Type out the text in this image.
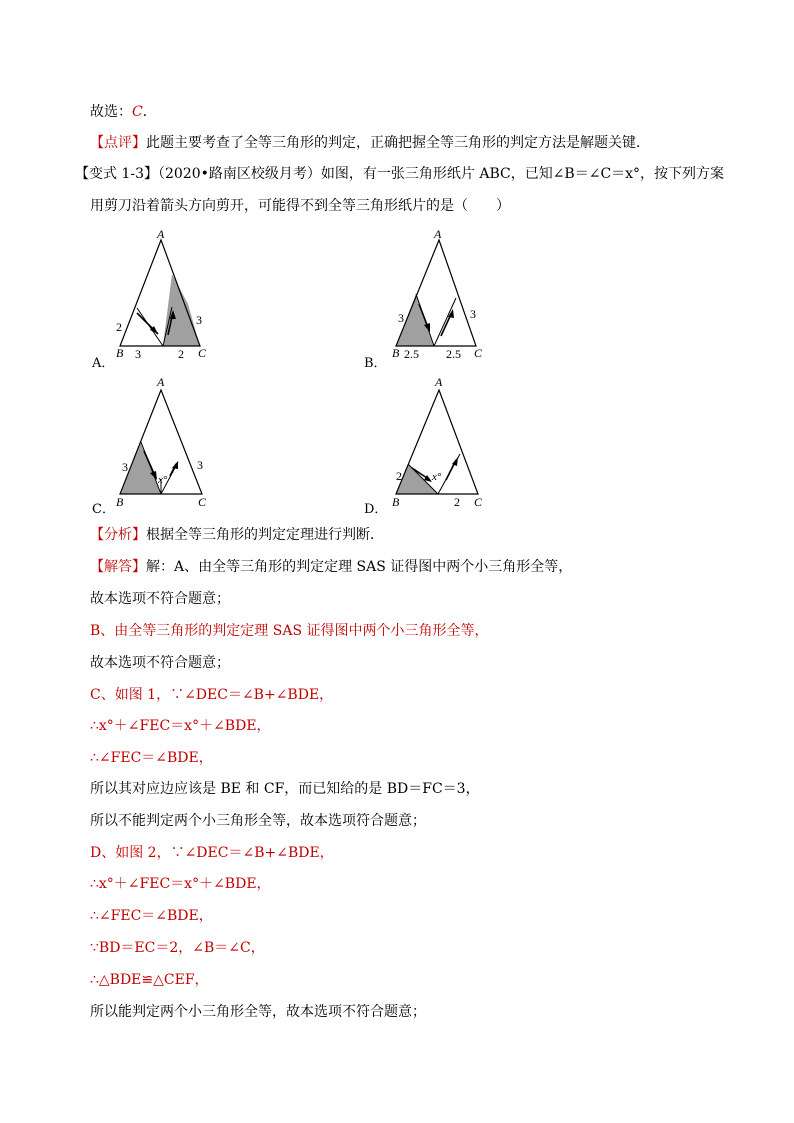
故选：C．
【点评】此题主要考查了全等三角形的判定，正确把握全等三角形的判定方法是解题关键．
【变式 1-3】（2020•路南区校级月考）如图，有一张三角形纸片 ABC，已知∠B＝∠C＝x°，按下列方案
用剪刀沿着箭头方向剪开，可能得不到全等三角形纸片的是（　　）
A．
A
B	C
2
3	2
3
B．
A
B	C
3
2.5 2.5
3
C．
A
B	C
3	3
x°
D．
A
B	C
2
2
x°
【分析】根据全等三角形的判定定理进行判断．
【解答】解：A、由全等三角形的判定定理 SAS 证得图中两个小三角形全等，
故本选项不符合题意；
B、由全等三角形的判定定理 SAS 证得图中两个小三角形全等，
故本选项不符合题意；
C、如图 1，∵∠DEC＝∠B+∠BDE，
∴x°＋∠FEC＝x°＋∠BDE，
∴∠FEC＝∠BDE，
所以其对应边应该是 BE 和 CF，而已知给的是 BD＝FC＝3，
所以不能判定两个小三角形全等，故本选项符合题意；
D、如图 2，∵∠DEC＝∠B+∠BDE，
∴x°＋∠FEC＝x°＋∠BDE，
∴∠FEC＝∠BDE，
∵BD＝EC＝2，∠B＝∠C，
∴△BDE≌△CEF，
所以能判定两个小三角形全等，故本选项不符合题意；
